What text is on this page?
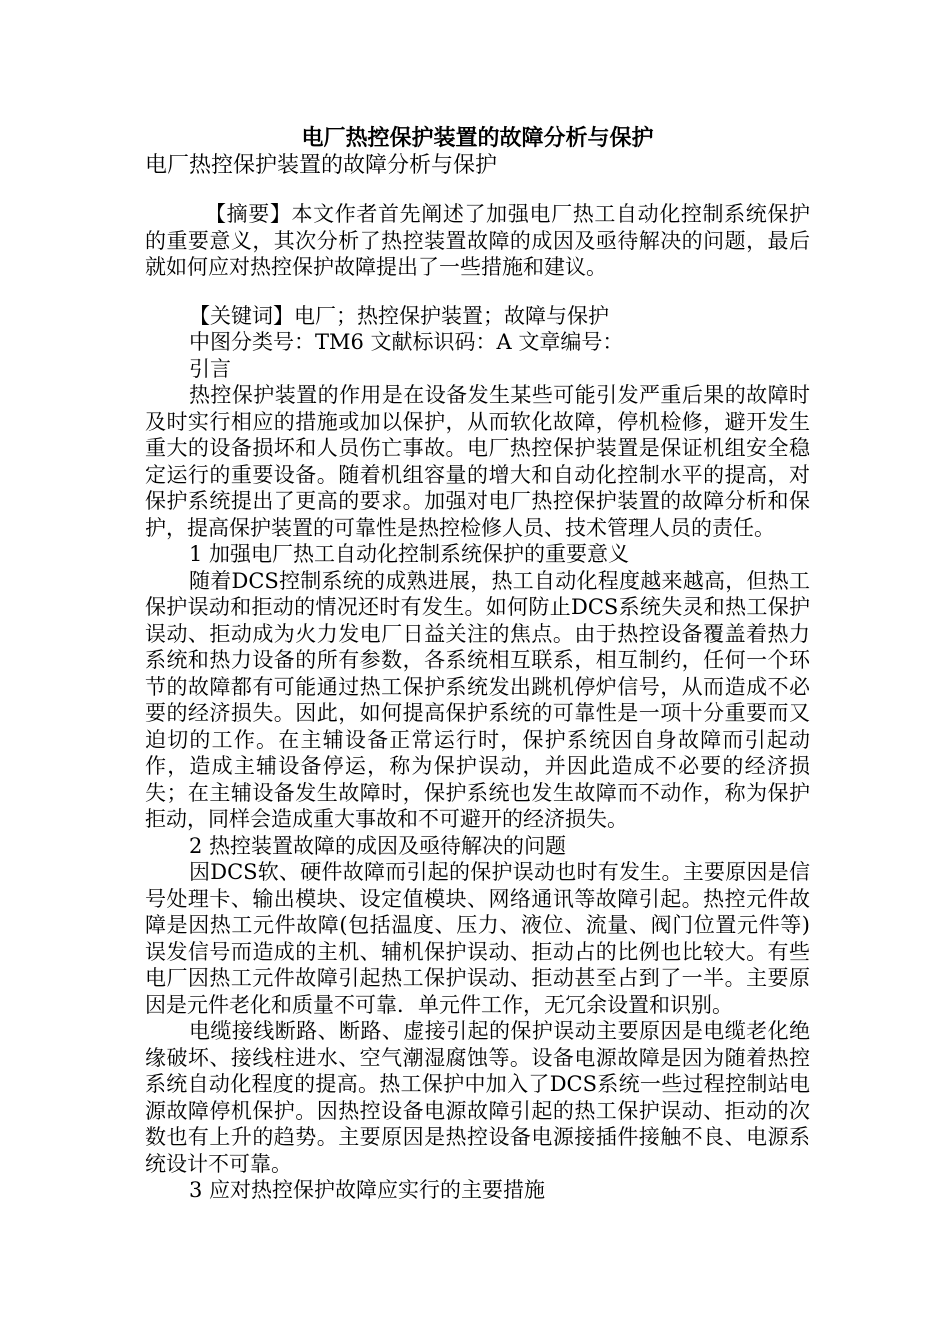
电厂热控保护装置的故障分析与保护

电厂热控保护装置的故障分析与保护

【摘要】本文作者首先阐述了加强电厂热工自动化控制系统保护的重要意义，其次分析了热控装置故障的成因及亟待解决的问题，最后就如何应对热控保护故障提出了一些措施和建议。

【关键词】电厂；热控保护装置；故障与保护

中图分类号：TM6 文献标识码：A 文章编号：

引言

热控保护装置的作用是在设备发生某些可能引发严重后果的故障时及时实行相应的措施或加以保护，从而软化故障，停机检修，避开发生重大的设备损坏和人员伤亡事故。电厂热控保护装置是保证机组安全稳定运行的重要设备。随着机组容量的增大和自动化控制水平的提高，对保护系统提出了更高的要求。加强对电厂热控保护装置的故障分析和保护，提高保护装置的可靠性是热控检修人员、技术管理人员的责任。

1 加强电厂热工自动化控制系统保护的重要意义

随着DCS控制系统的成熟进展，热工自动化程度越来越高，但热工保护误动和拒动的情况还时有发生。如何防止DCS系统失灵和热工保护误动、拒动成为火力发电厂日益关注的焦点。由于热控设备覆盖着热力系统和热力设备的所有参数，各系统相互联系，相互制约，任何一个环节的故障都有可能通过热工保护系统发出跳机停炉信号，从而造成不必要的经济损失。因此，如何提高保护系统的可靠性是一项十分重要而又迫切的工作。在主辅设备正常运行时，保护系统因自身故障而引起动作，造成主辅设备停运，称为保护误动，并因此造成不必要的经济损失；在主辅设备发生故障时，保护系统也发生故障而不动作，称为保护拒动，同样会造成重大事故和不可避开的经济损失。

2 热控装置故障的成因及亟待解决的问题

因DCS软、硬件故障而引起的保护误动也时有发生。主要原因是信号处理卡、输出模块、设定值模块、网络通讯等故障引起。热控元件故障是因热工元件故障(包括温度、压力、液位、流量、阀门位置元件等)误发信号而造成的主机、辅机保护误动、拒动占的比例也比较大。有些电厂因热工元件故障引起热工保护误动、拒动甚至占到了一半。主要原因是元件老化和质量不可靠．单元件工作，无冗余设置和识别。

电缆接线断路、断路、虚接引起的保护误动主要原因是电缆老化绝缘破坏、接线柱进水、空气潮湿腐蚀等。设备电源故障是因为随着热控系统自动化程度的提高。热工保护中加入了DCS系统一些过程控制站电源故障停机保护。因热控设备电源故障引起的热工保护误动、拒动的次数也有上升的趋势。主要原因是热控设备电源接插件接触不良、电源系统设计不可靠。

3 应对热控保护故障应实行的主要措施
